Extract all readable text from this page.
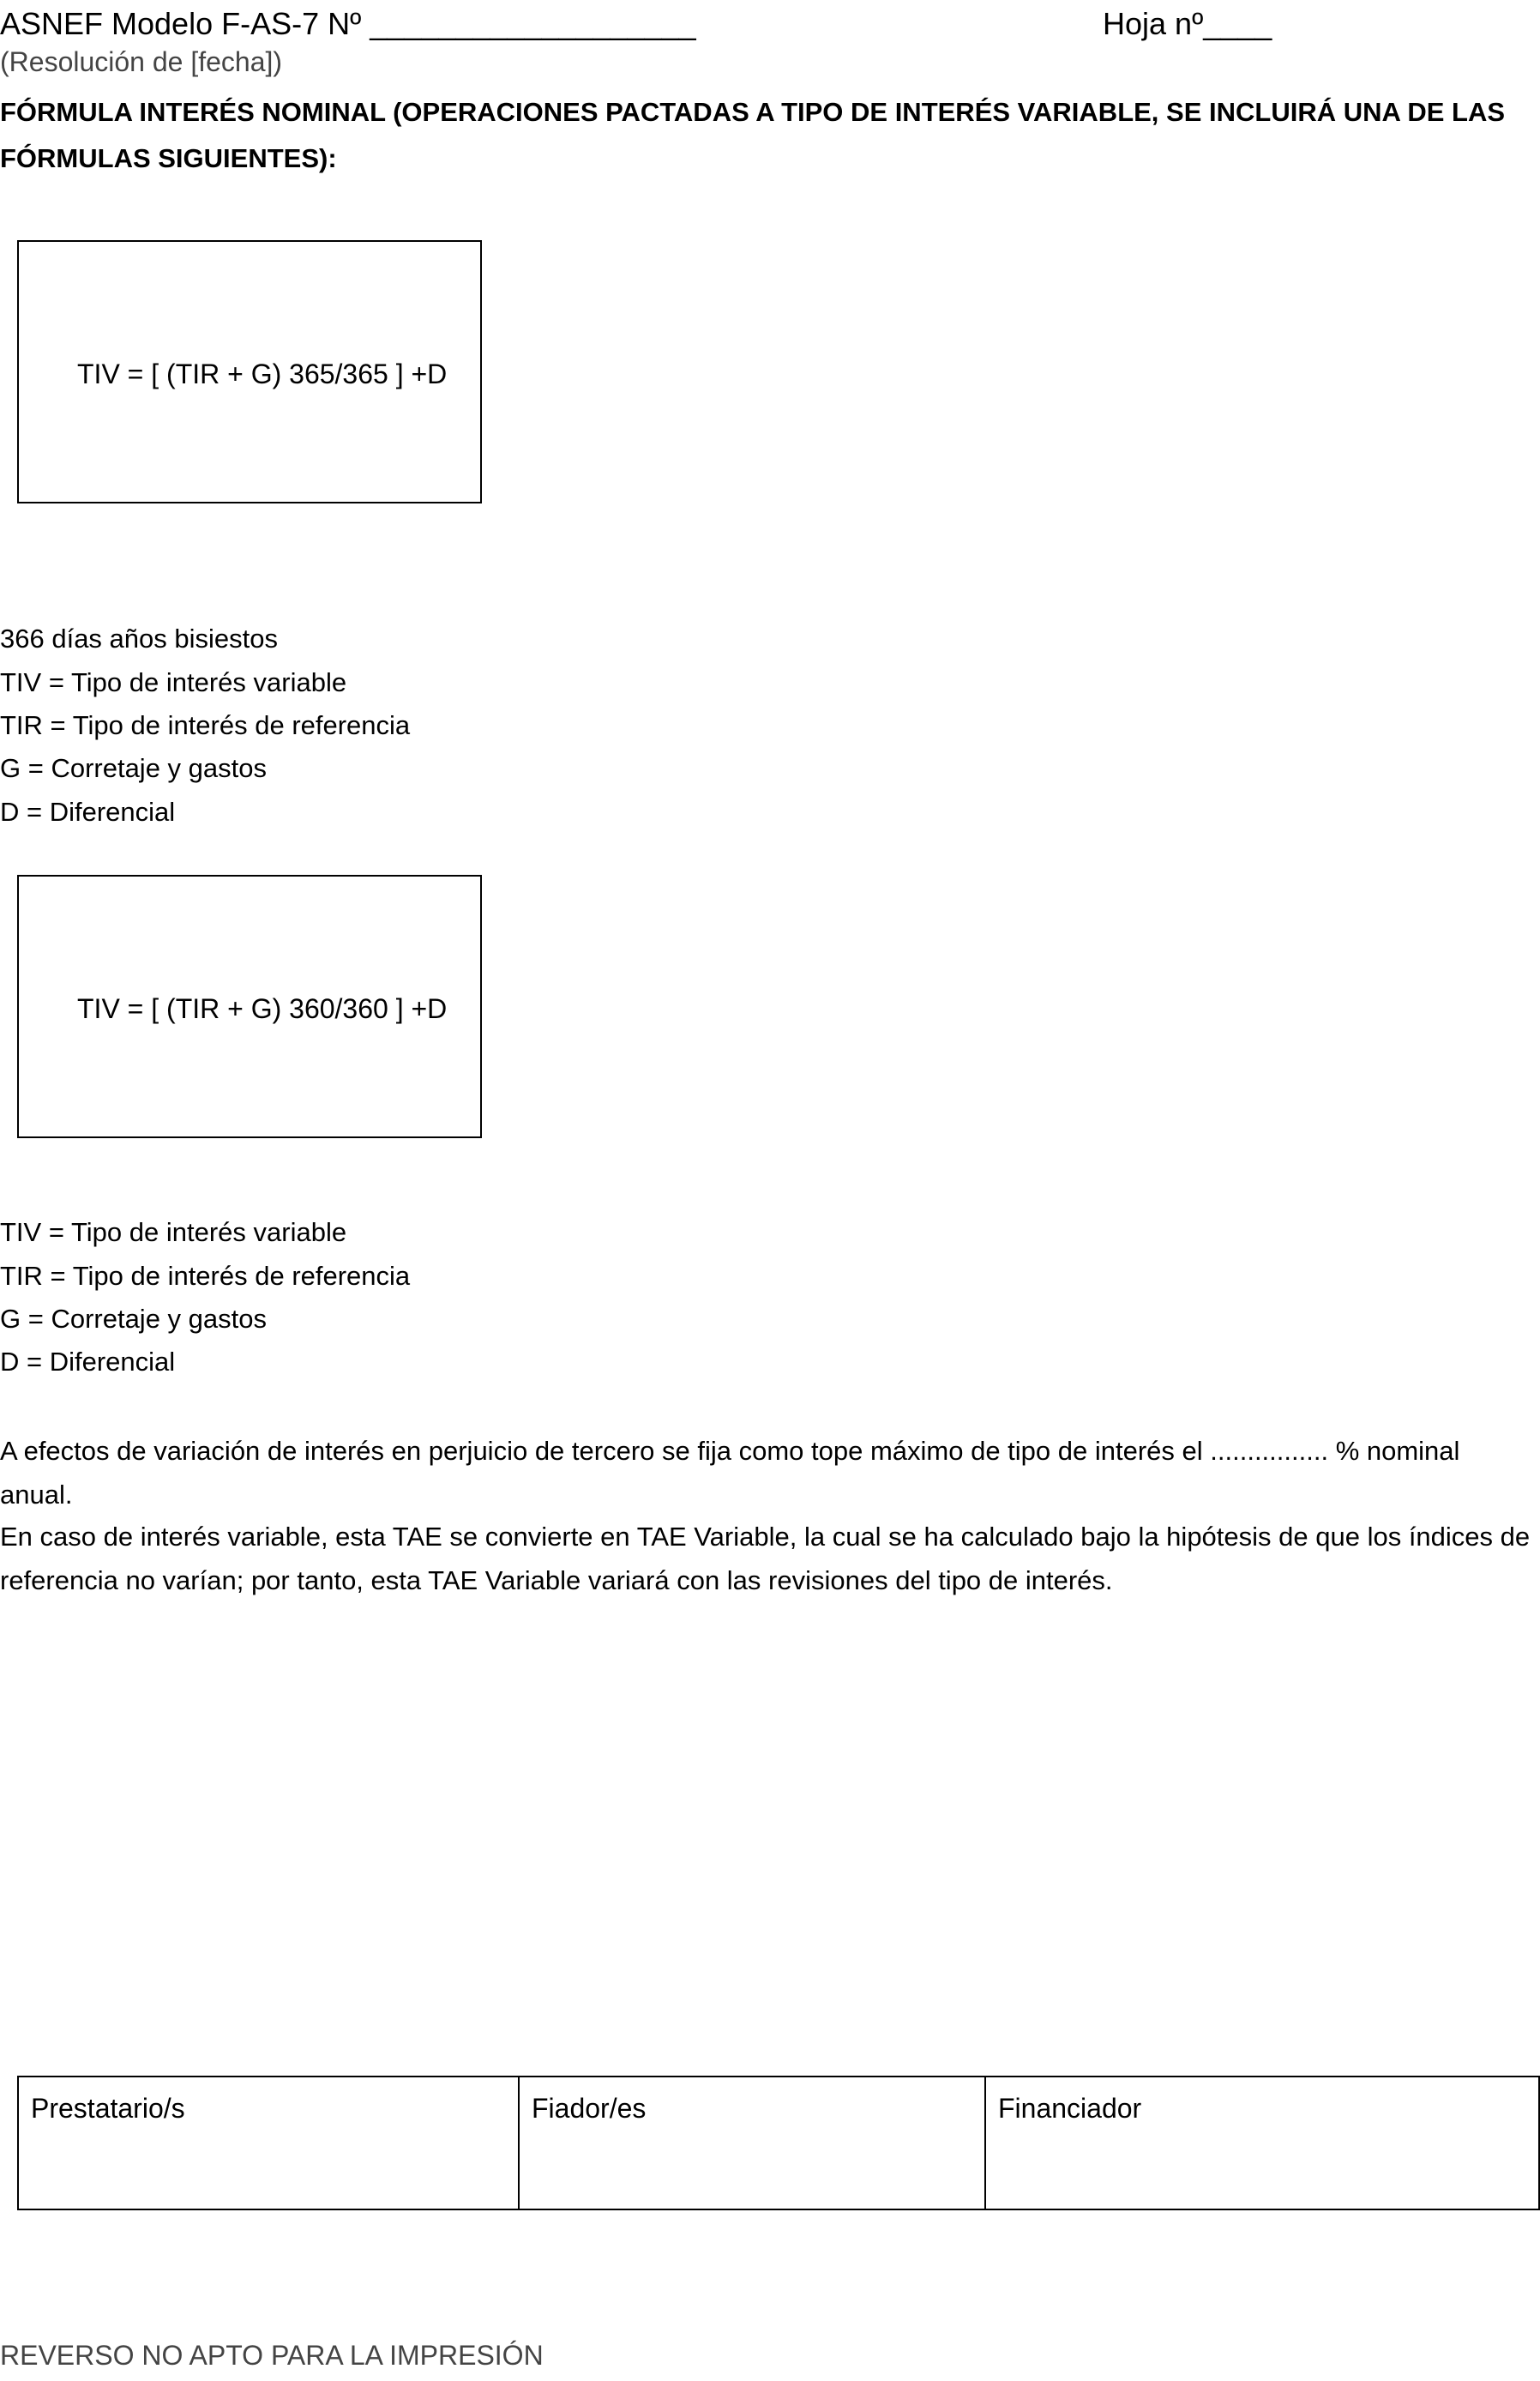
ASNEF Modelo F-AS-7 Nº ___________________	Hoja nº____
(Resolución de [fecha])
FÓRMULA INTERÉS NOMINAL (OPERACIONES PACTADAS A TIPO DE INTERÉS VARIABLE, SE INCLUIRÁ UNA DE LAS FÓRMULAS SIGUIENTES):
TIV = [ (TIR + G) 365/365 ] +D
366 días años bisiestos
TIV = Tipo de interés variable
TIR = Tipo de interés de referencia
G = Corretaje y gastos
D = Diferencial
TIV = [ (TIR + G) 360/360 ] +D
TIV = Tipo de interés variable
TIR = Tipo de interés de referencia
G = Corretaje y gastos
D = Diferencial
A efectos de variación de interés en perjuicio de tercero se fija como tope máximo de tipo de interés el ................ % nominal anual.
En caso de interés variable, esta TAE se convierte en TAE Variable, la cual se ha calculado bajo la hipótesis de que los índices de referencia no varían; por tanto, esta TAE Variable variará con las revisiones del tipo de interés.
Prestatario/s	Fiador/es	Financiador
REVERSO NO APTO PARA LA IMPRESIÓN
